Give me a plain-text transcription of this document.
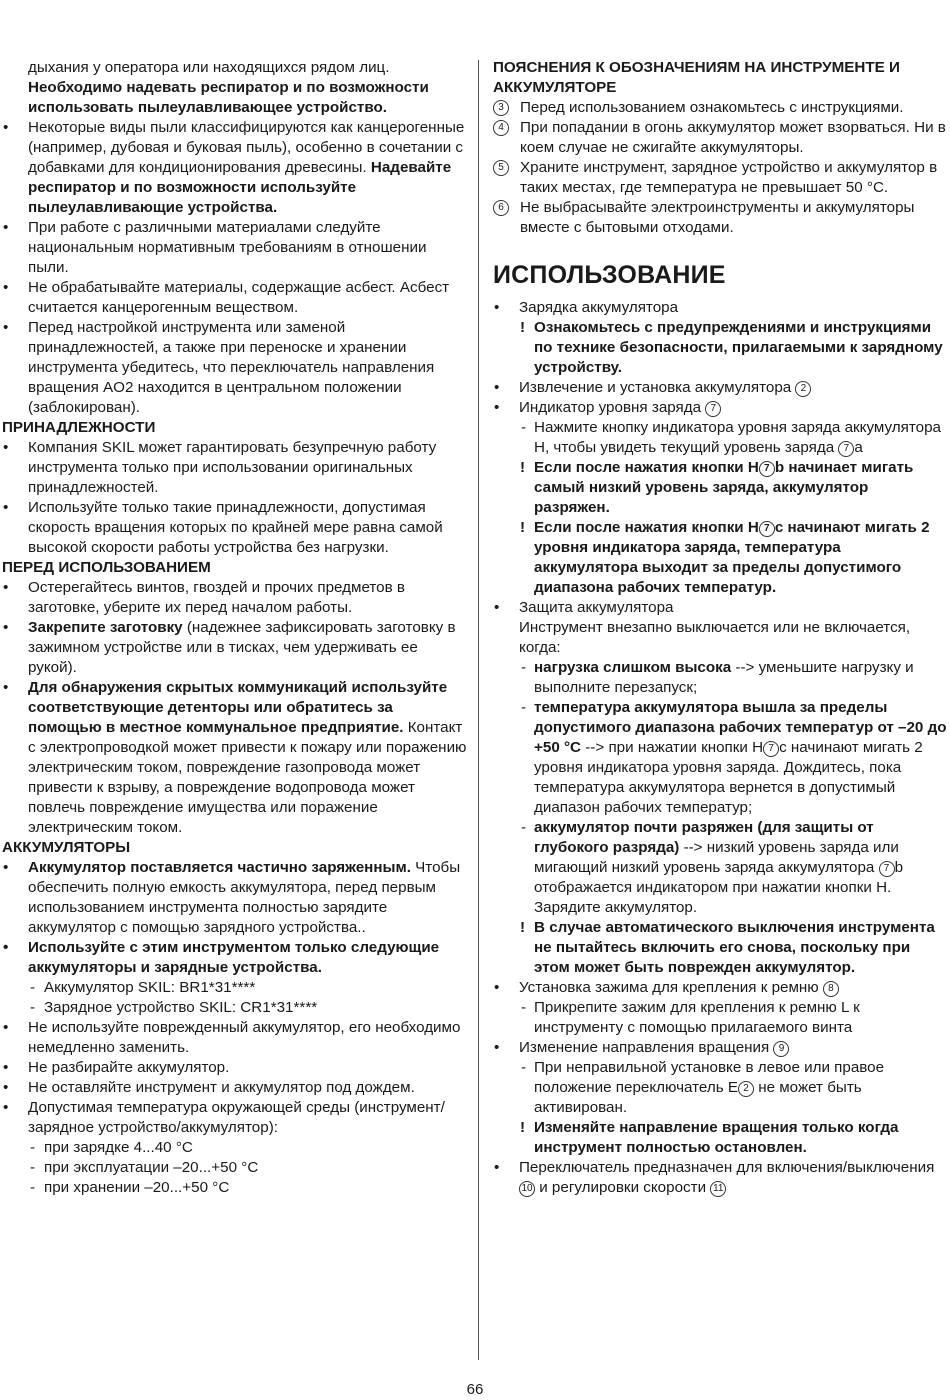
дыхания у оператора или находящихся рядом лиц. Необходимо надевать респиратор и по возможности использовать пылеулавливающее устройство.

• Некоторые виды пыли классифицируются как канцерогенные (например, дубовая и буковая пыль), особенно в сочетании с добавками для кондиционирования древесины. Надевайте респиратор и по возможности используйте пылеулавливающие устройства.

• При работе с различными материалами следуйте национальным нормативным требованиям в отношении пыли.

• Не обрабатывайте материалы, содержащие асбест. Асбест считается канцерогенным веществом.

• Перед настройкой инструмента или заменой принадлежностей, а также при переноске и хранении инструмента убедитесь, что переключатель направления вращения AO2 находится в центральном положении (заблокирован).

ПРИНАДЛЕЖНОСТИ

• Компания SKIL может гарантировать безупречную работу инструмента только при использовании оригинальных принадлежностей.

• Используйте только такие принадлежности, допустимая скорость вращения которых по крайней мере равна самой высокой скорости работы устройства без нагрузки.

ПЕРЕД ИСПОЛЬЗОВАНИЕМ

• Остерегайтесь винтов, гвоздей и прочих предметов в заготовке, уберите их перед началом работы.

• Закрепите заготовку (надежнее зафиксировать заготовку в зажимном устройстве или в тисках, чем удерживать ее рукой).

• Для обнаружения скрытых коммуникаций используйте соответствующие детенторы или обратитесь за помощью в местное коммунальное предприятие. Контакт с электропроводкой может привести к пожару или поражению электрическим током, повреждение газопровода может привести к взрыву, а повреждение водопровода может повлечь повреждение имущества или поражение электрическим током.

АККУМУЛЯТОРЫ

• Аккумулятор поставляется частично заряженным. Чтобы обеспечить полную емкость аккумулятора, перед первым использованием инструмента полностью зарядите аккумулятор с помощью зарядного устройства..

• Используйте с этим инструментом только следующие аккумуляторы и зарядные устройства.

- Аккумулятор SKIL: BR1*31****

- Зарядное устройство SKIL: CR1*31****

• Не используйте поврежденный аккумулятор, его необходимо немедленно заменить.

• Не разбирайте аккумулятор.

• Не оставляйте инструмент и аккумулятор под дождем.

• Допустимая температура окружающей среды (инструмент/зарядное устройство/аккумулятор):

- при зарядке 4...40 °C

- при эксплуатации –20...+50 °C

- при хранении –20...+50 °C

ПОЯСНЕНИЯ К ОБОЗНАЧЕНИЯМ НА ИНСТРУМЕНТЕ И АККУМУЛЯТОРЕ

3	Перед использованием ознакомьтесь с инструкциями.

4	При попадании в огонь аккумулятор может взорваться. Ни в коем случае не сжигайте аккумуляторы.

5	Храните инструмент, зарядное устройство и аккумулятор в таких местах, где температура не превышает 50 °C.

6	Не выбрасывайте электроинструменты и аккумуляторы вместе с бытовыми отходами.

ИСПОЛЬЗОВАНИЕ

• Зарядка аккумулятора

! Ознакомьтесь с предупреждениями и инструкциями по технике безопасности, прилагаемыми к зарядному устройству.

• Извлечение и установка аккумулятора 2

• Индикатор уровня заряда 7

- Нажмите кнопку индикатора уровня заряда аккумулятора H, чтобы увидеть текущий уровень заряда 7 a

! Если после нажатия кнопки H 7 b начинает мигать самый низкий уровень заряда, аккумулятор разряжен.

! Если после нажатия кнопки H 7 c начинают мигать 2 уровня индикатора заряда, температура аккумулятора выходит за пределы допустимого диапазона рабочих температур.

• Защита аккумулятора

Инструмент внезапно выключается или не включается, когда:

- нагрузка слишком высока --> уменьшите нагрузку и выполните перезапуск;

- температура аккумулятора вышла за пределы допустимого диапазона рабочих температур от –20 до +50 °C --> при нажатии кнопки H 7 c начинают мигать 2 уровня индикатора уровня заряда. Дождитесь, пока температура аккумулятора вернется в допустимый диапазон рабочих температур;

- аккумулятор почти разряжен (для защиты от глубокого разряда) --> низкий уровень заряда или мигающий низкий уровень заряда аккумулятора 7 b отображается индикатором при нажатии кнопки H. Зарядите аккумулятор.

! В случае автоматического выключения инструмента не пытайтесь включить его снова, поскольку при этом может быть поврежден аккумулятор.

• Установка зажима для крепления к ремню 8

- Прикрепите зажим для крепления к ремню L к инструменту с помощью прилагаемого винта

• Изменение направления вращения 9

- При неправильной установке в левое или правое положение переключатель E 2 не может быть активирован.

! Изменяйте направление вращения только когда инструмент полностью остановлен.

• Переключатель предназначен для включения/выключения 10 и регулировки скорости 11

66
